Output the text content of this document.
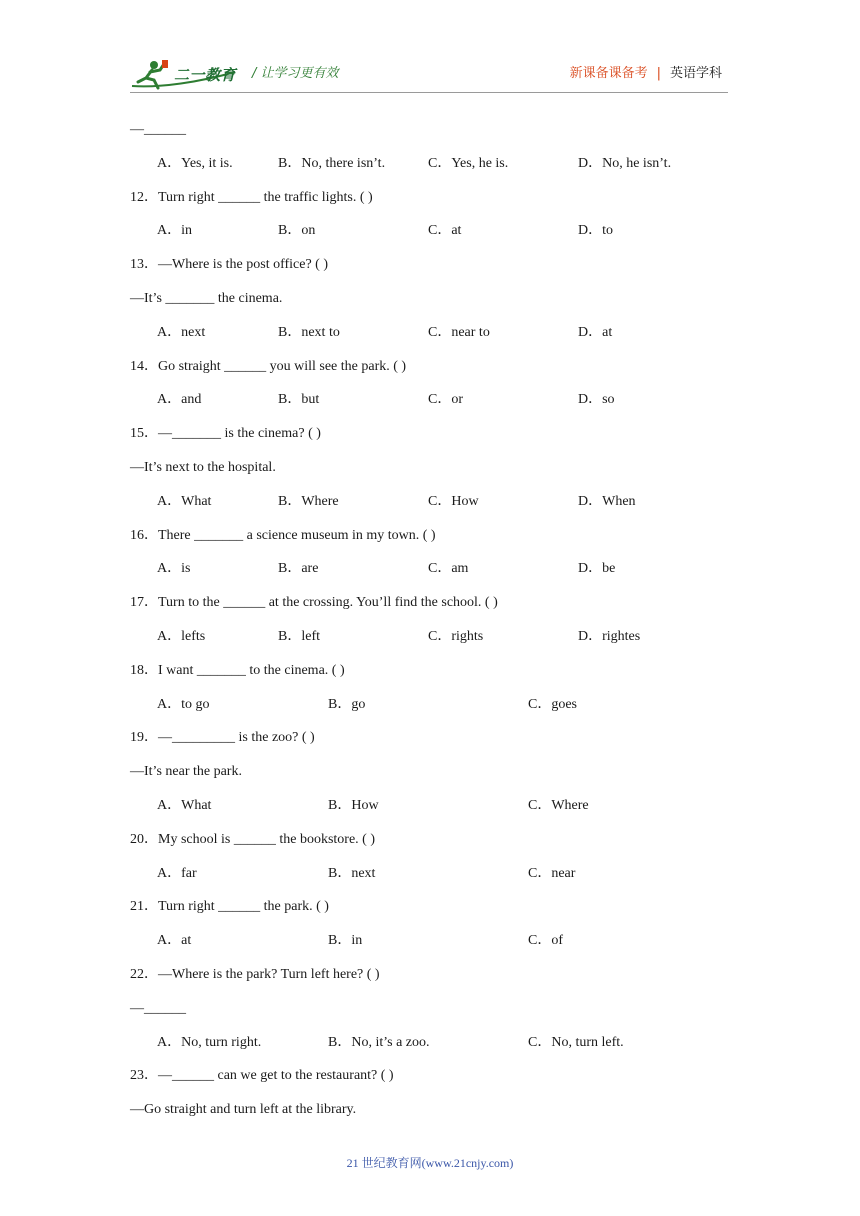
二一教育 / 让学习更有效	新课备课备考 | 英语学科
—______
A．Yes, it is.	B．No, there isn’t.	C．Yes, he is.	D．No, he isn’t.
12．Turn right ______ the traffic lights. ( )
A．in	B．on	C．at	D．to
13．—Where is the post office? ( )
—It’s _______ the cinema.
A．next	B．next to	C．near to	D．at
14．Go straight ______ you will see the park. ( )
A．and	B．but	C．or	D．so
15．—_______ is the cinema? ( )
—It’s next to the hospital.
A．What	B．Where	C．How	D．When
16．There _______ a science museum in my town. ( )
A．is	B．are	C．am	D．be
17．Turn to the ______ at the crossing. You’ll find the school. ( )
A．lefts	B．left	C．rights	D．rightes
18．I want _______ to the cinema. ( )
A．to go	B．go	C．goes
19．—_________ is the zoo? ( )
—It’s near the park.
A．What	B．How	C．Where
20．My school is ______ the bookstore. ( )
A．far	B．next	C．near
21．Turn right ______ the park. ( )
A．at	B．in	C．of
22．—Where is the park? Turn left here? ( )
—______
A．No, turn right.	B．No, it’s a zoo.	C．No, turn left.
23．—______ can we get to the restaurant? ( )
—Go straight and turn left at the library.
21 世纪教育网(www.21cnjy.com)
